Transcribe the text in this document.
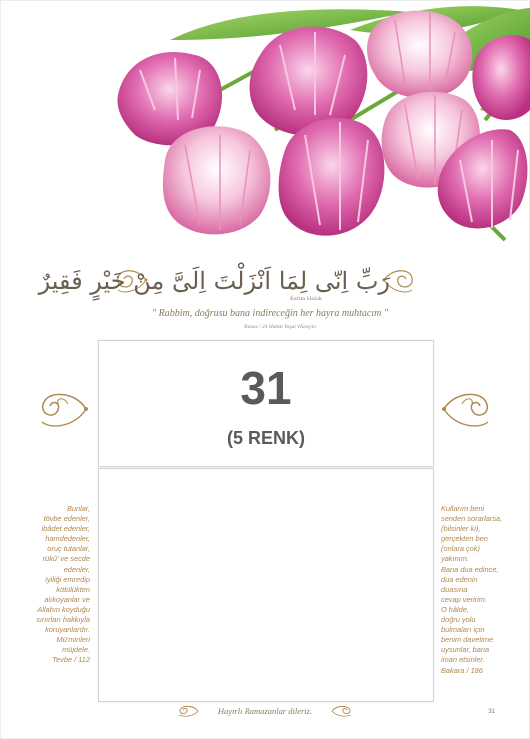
رَبِّ اِنّى لِمَا اَنْزَلْتَ اِلَىَّ مِنْ خَيْرٍ فَقِيرٌ
Kerim Haluk
" Rabbim, doğrusu bana indireceğin her hayra muhtacım "
Kasas / 24 Hattat Yaşar Hüseyin
31
(5 RENK)
Bunlar,
tövbe edenler,
ibâdet edenler,
hamdedenler,
oruç tutanlar,
rükû' ve secde
edenler,
iyiliği emredip
kötülükten
alıkoyanlar ve
Allahın koyduğu
sınırları hakkıyla
koruyanlardır.
Mü'minleri
müjdele.
Tevbe / 112
Kullarım beni
senden sorarlarsa,
(bilsinler ki),
gerçekten ben
(onlara çok)
yakınım.
Bana dua edince,
dua edenin
duasına
cevap veririm.
O hâlde,
doğru yolu
bulmaları için
benim davetime
uysunlar, bana
iman etsinler.
Bakara / 186
Hayırlı Ramazanlar dileriz.	31
